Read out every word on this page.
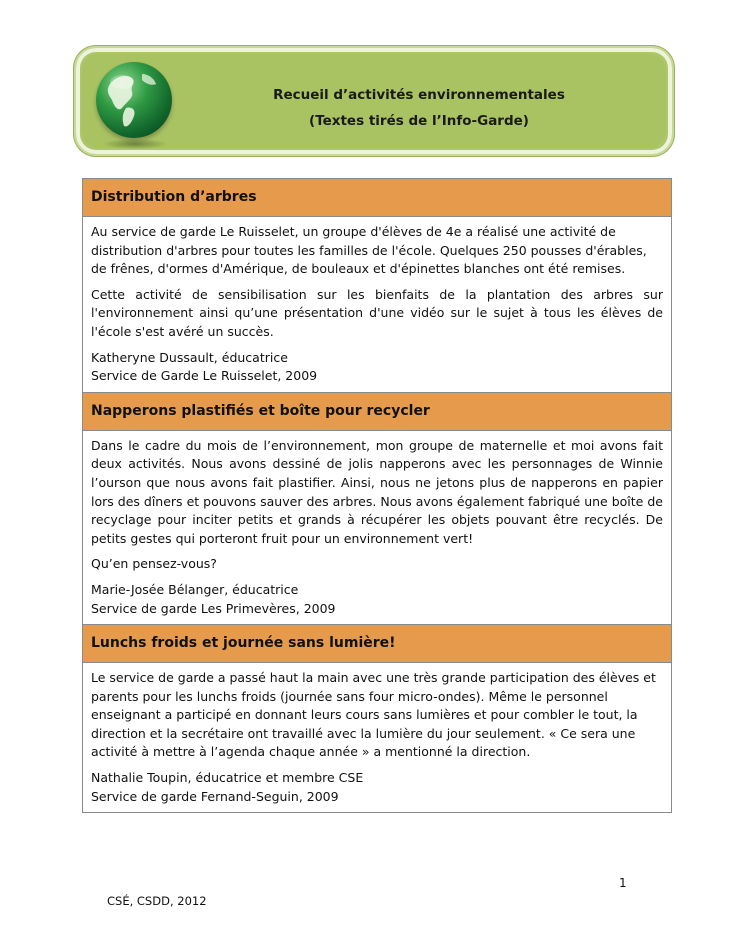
Recueil d’activités environnementales
(Textes tirés de l’Info-Garde)
Distribution d’arbres

Au service de garde Le Ruisselet, un groupe d'élèves de 4e a réalisé une activité de distribution d'arbres pour toutes les familles de l'école. Quelques 250 pousses d'érables, de frênes, d'ormes d'Amérique, de bouleaux et d'épinettes blanches ont été remises.

Cette activité de sensibilisation sur les bienfaits de la plantation des arbres sur l'environnement ainsi qu’une présentation d'une vidéo sur le sujet à tous les élèves de l'école s'est avéré un succès.

Katheryne Dussault, éducatrice
Service de Garde Le Ruisselet, 2009

Napperons plastifiés et boîte pour recycler

Dans le cadre du mois de l’environnement, mon groupe de maternelle et moi avons fait deux activités. Nous avons dessiné de jolis napperons avec les personnages de Winnie l’ourson que nous avons fait plastifier. Ainsi, nous ne jetons plus de napperons en papier lors des dîners et pouvons sauver des arbres. Nous avons également fabriqué une boîte de recyclage pour inciter petits et grands à récupérer les objets pouvant être recyclés. De petits gestes qui porteront fruit pour un environnement vert!

Qu’en pensez-vous?

Marie-Josée Bélanger, éducatrice
Service de garde Les Primevères, 2009

Lunchs froids et journée sans lumière!

Le service de garde a passé haut la main avec une très grande participation des élèves et parents pour les lunchs froids (journée sans four micro-ondes). Même le personnel enseignant a participé en donnant leurs cours sans lumières et pour combler le tout, la direction et la secrétaire ont travaillé avec la lumière du jour seulement. « Ce sera une activité à mettre à l’agenda chaque année » a mentionné la direction.

Nathalie Toupin, éducatrice et membre CSE
Service de garde Fernand-Seguin, 2009

1
CSÉ, CSDD, 2012
